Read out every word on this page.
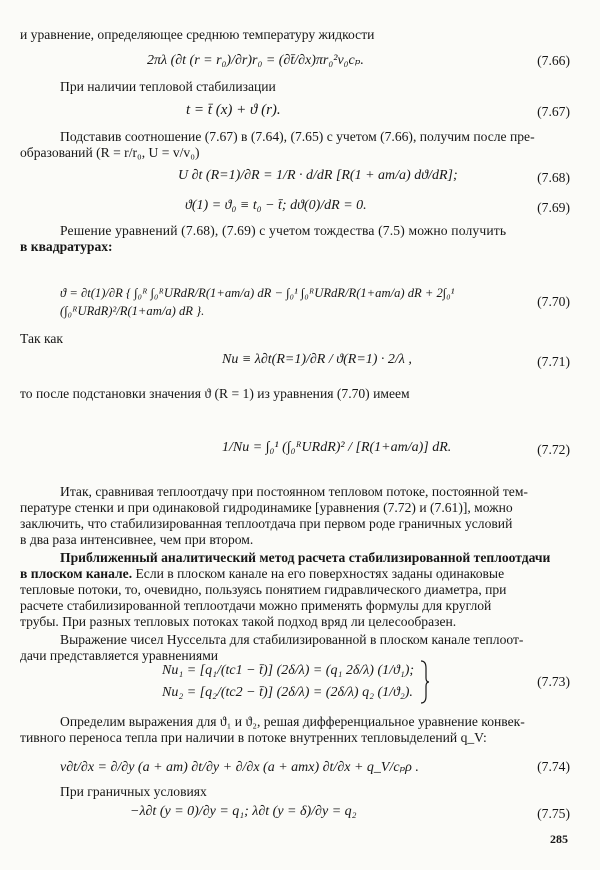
и уравнение, определяющее среднюю температуру жидкости
2πλ (∂t (r = r₀)/∂r)r₀ = (∂t̄/∂x)πr₀²v₀cₚ.	(7.66)
При наличии тепловой стабилизации
t = t̄ (x) + ϑ (r).	(7.67)
Подставив соотношение (7.67) в (7.64), (7.65) с учетом (7.66), получим после пре-
образований (R = r/r₀, U = v/v₀)
U ∂t (R=1)/∂R = 1/R · d/dR [R(1 + aт/a) dϑ/dR];	(7.68)
ϑ(1) = ϑ₀ ≡ t₀ − t̄; dϑ(0)/dR = 0.	(7.69)
Решение уравнений (7.68), (7.69) с учетом тождества (7.5) можно получить
в квадратурах:
ϑ = ∂t(1)/∂R { ∫₀ᴿ ∫₀ᴿURdR/R(1+aт/a) dR − ∫₀¹ ∫₀ᴿURdR/R(1+aт/a) dR + 2∫₀¹ (∫₀ᴿURdR)²/R(1+aт/a) dR }.
(7.70)
Так как
Nu ≡ λ∂t(R=1)/∂R / ϑ(R=1) · 2/λ ,	(7.71)
то после подстановки значения ϑ (R = 1) из уравнения (7.70) имеем
1/Nu = ∫₀¹ (∫₀ᴿURdR)² / [R(1+aт/a)] dR.	(7.72)
Итак, сравнивая теплоотдачу при постоянном тепловом потоке, постоянной тем-
пературе стенки и при одинаковой гидродинамике [уравнения (7.72) и (7.61)], можно
заключить, что стабилизированная теплоотдача при первом роде граничных условий
в два раза интенсивнее, чем при втором.
Приближенный аналитический метод расчета стабилизированной теплоотдачи
в плоском канале. Если в плоском канале на его поверхностях заданы одинаковые
тепловые потоки, то, очевидно, пользуясь понятием гидравлического диаметра, при
расчете стабилизированной теплоотдачи можно применять формулы для круглой
трубы. При разных тепловых потоках такой подход вряд ли целесообразен.
Выражение чисел Нуссельта для стабилизированной в плоском канале теплоот-
дачи представляется уравнениями
Nu₁ = [q₁/(tс1 − t̄)] (2δ/λ) = (q₁ 2δ/λ) (1/ϑ₁);
Nu₂ = [q₂/(tс2 − t̄)] (2δ/λ) = (2δ/λ) q₂ (1/ϑ₂).
(7.73)
Определим выражения для ϑ₁ и ϑ₂, решая дифференциальное уравнение конвек-
тивного переноса тепла при наличии в потоке внутренних тепловыделений q_V:
v∂t/∂x = ∂/∂y (a + aт) ∂t/∂y + ∂/∂x (a + aтx) ∂t/∂x + q_V/cₚρ .	(7.74)
При граничных условиях
−λ∂t (y = 0)/∂y = q₁; λ∂t (y = δ)/∂y = q₂	(7.75)
285
